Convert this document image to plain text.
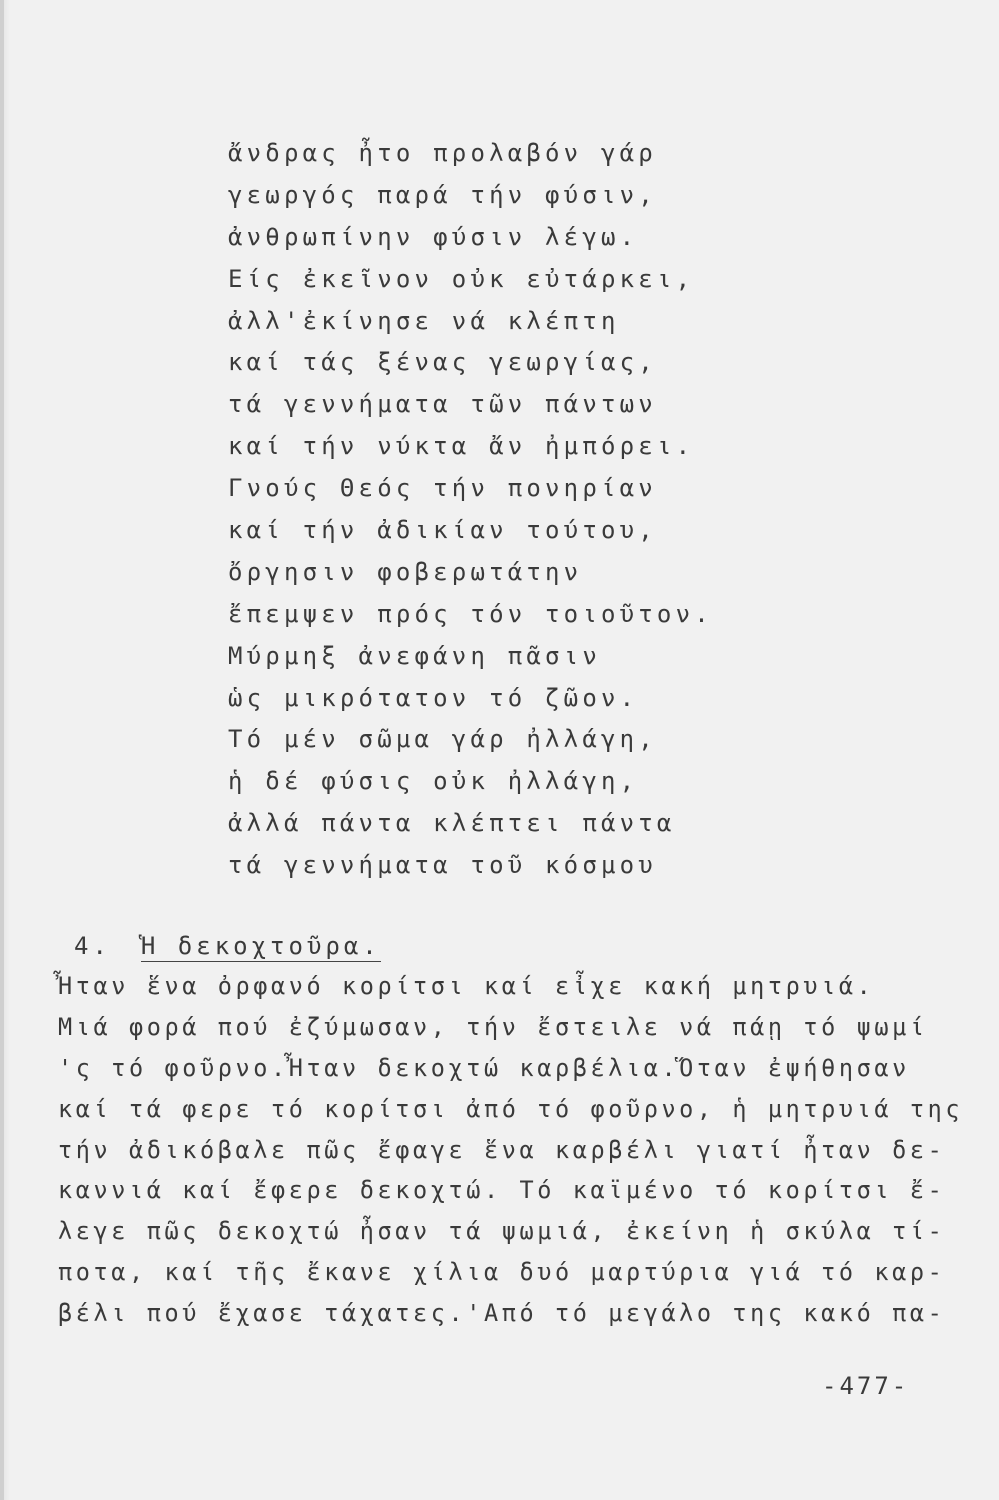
ἄνδρας ἦτο προλαβόν γάρ
γεωργός παρά τήν φύσιν,
ἀνθρωπίνην φύσιν λέγω.
Είς ἐκεῖνον οὐκ εὐτάρκει,
ἀλλ'ἐκίνησε νά κλέπτη
καί τάς ξένας γεωργίας,
τά γεννήματα τῶν πάντων
καί τήν νύκτα ἄν ἠμπόρει.
Γνούς Θεός τήν πονηρίαν
καί τήν ἀδικίαν τούτου,
ὄργησιν φοβερωτάτην
ἔπεμψεν πρός τόν τοιοῦτον.
Μύρμηξ ἀνεφάνη πᾶσιν
ὡς μικρότατον τό ζῶον.
Τό μέν σῶμα γάρ ἠλλάγη,
ἡ δέ φύσις οὐκ ἠλλάγη,
ἀλλά πάντα κλέπτει πάντα
τά γεννήματα τοῦ κόσμου
4. Ἡ δεκοχτοῦρα.
Ἦταν ἕνα ὀρφανό κορίτσι καί εἶχε κακή μητρυιά.
Μιά φορά πού ἐζύμωσαν, τήν ἔστειλε νά πάῃ τό ψωμί
'ς τό φοῦρνο.Ἦταν δεκοχτώ καρβέλια.Ὅταν ἐψήθησαν
καί τά φερε τό κορίτσι ἀπό τό φοῦρνο, ἡ μητρυιά της
τήν ἀδικόβαλε πῶς ἔφαγε ἕνα καρβέλι γιατί ἦταν δε-
καννιά καί ἔφερε δεκοχτώ. Τό καϊμένο τό κορίτσι ἔ-
λεγε πῶς δεκοχτώ ἦσαν τά ψωμιά, ἐκείνη ἡ σκύλα τί-
ποτα, καί τῆς ἔκανε χίλια δυό μαρτύρια γιά τό καρ-
βέλι πού ἔχασε τάχατες.'Από τό μεγάλο της κακό πα-
-477-
